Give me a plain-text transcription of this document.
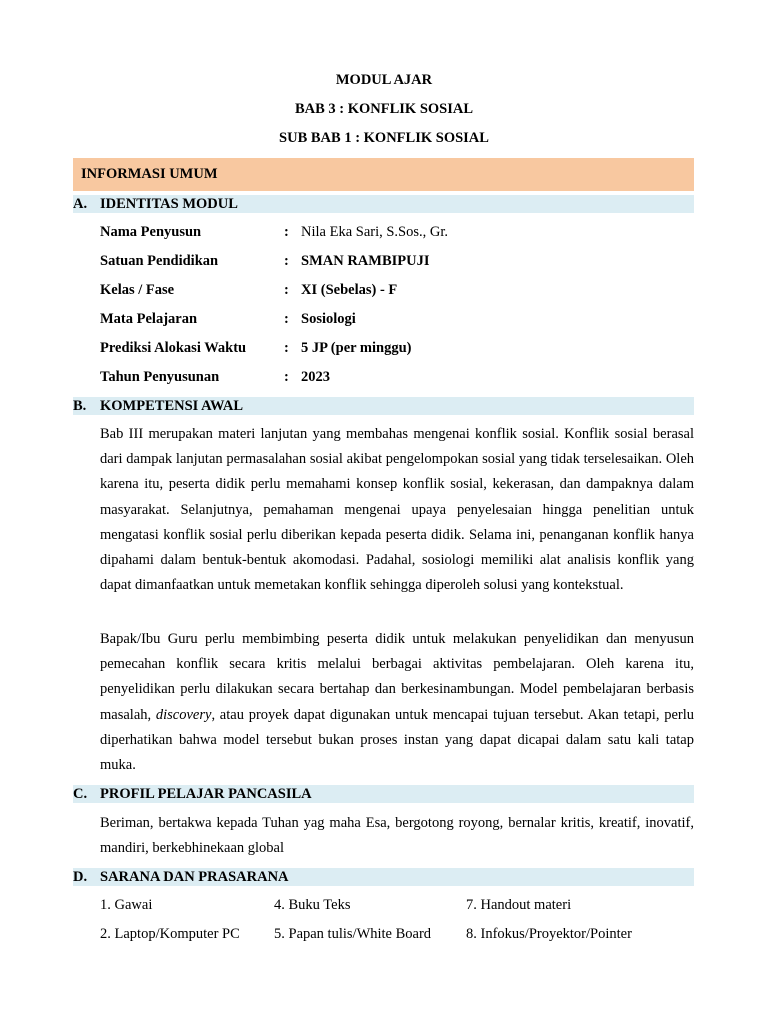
MODUL AJAR
BAB 3 : KONFLIK SOSIAL
SUB BAB 1 : KONFLIK SOSIAL
INFORMASI UMUM
A. IDENTITAS MODUL
Nama Penyusun	: Nila Eka Sari, S.Sos., Gr.
Satuan Pendidikan	: SMAN RAMBIPUJI
Kelas / Fase	: XI (Sebelas) - F
Mata Pelajaran	: Sosiologi
Prediksi Alokasi Waktu	: 5 JP (per minggu)
Tahun Penyusunan	: 2023
B. KOMPETENSI AWAL

Bab III merupakan materi lanjutan yang membahas mengenai konflik sosial. Konflik sosial berasal dari dampak lanjutan permasalahan sosial akibat pengelompokan sosial yang tidak terselesaikan. Oleh karena itu, peserta didik perlu memahami konsep konflik sosial, kekerasan, dan dampaknya dalam masyarakat. Selanjutnya, pemahaman mengenai upaya penyelesaian hingga penelitian untuk mengatasi konflik sosial perlu diberikan kepada peserta didik. Selama ini, penanganan konflik hanya dipahami dalam bentuk-bentuk akomodasi. Padahal, sosiologi memiliki alat analisis konflik yang dapat dimanfaatkan untuk memetakan konflik sehingga diperoleh solusi yang kontekstual.

Bapak/Ibu Guru perlu membimbing peserta didik untuk melakukan penyelidikan dan menyusun pemecahan konflik secara kritis melalui berbagai aktivitas pembelajaran. Oleh karena itu, penyelidikan perlu dilakukan secara bertahap dan berkesinambungan. Model pembelajaran berbasis masalah, discovery, atau proyek dapat digunakan untuk mencapai tujuan tersebut. Akan tetapi, perlu diperhatikan bahwa model tersebut bukan proses instan yang dapat dicapai dalam satu kali tatap muka.

C. PROFIL PELAJAR PANCASILA

Beriman, bertakwa kepada Tuhan yag maha Esa, bergotong royong, bernalar kritis, kreatif, inovatif, mandiri, berkebhinekaan global

D. SARANA DAN PRASARANA
1. Gawai	4. Buku Teks	7. Handout materi
2. Laptop/Komputer PC 5. Papan tulis/White Board 8. Infokus/Proyektor/Pointer
